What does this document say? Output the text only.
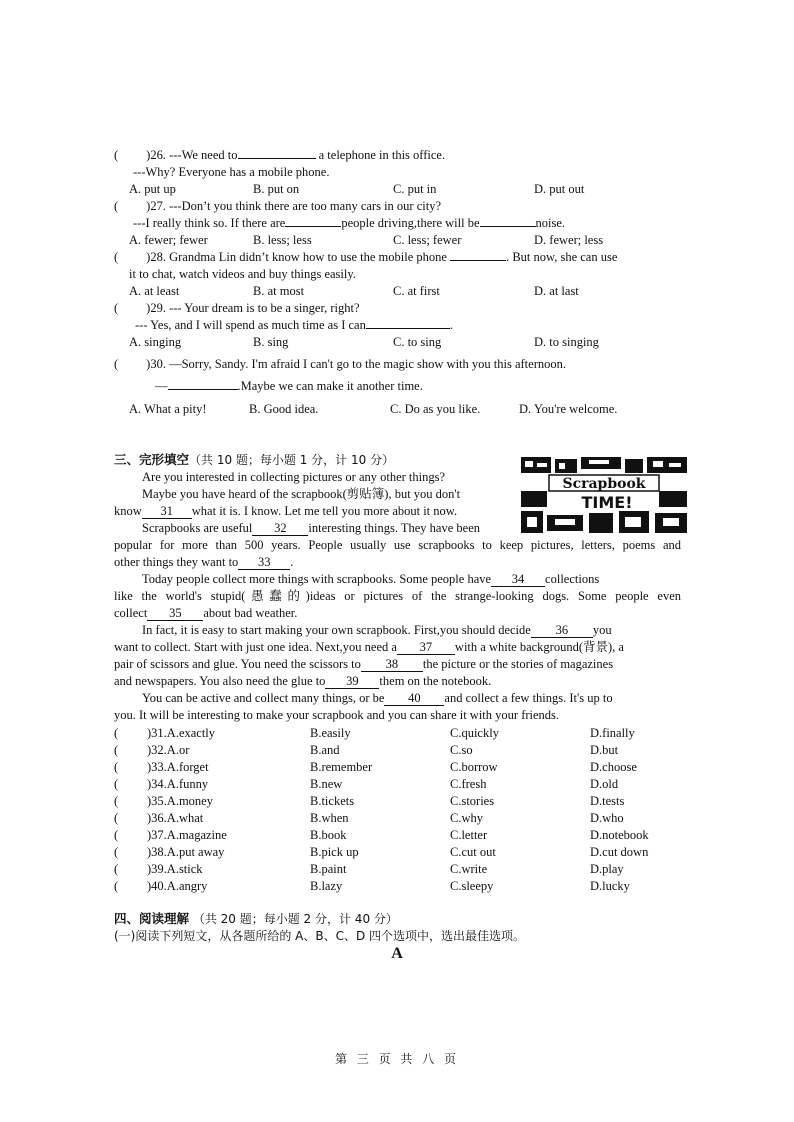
( )26. ---We need to	a telephone in this office.
---Why? Everyone has a mobile phone.
A. put up	B. put on	C. put in	D. put out
( )27. ---Don’t you think there are too many cars in our city?
---I really think so. If there are	people driving,there will be	noise.
A. fewer; fewer	B. less; less	C. less; fewer	D. fewer; less
( )28. Grandma Lin didn’t know how to use the mobile phone	. But now, she can use
it to chat, watch videos and buy things easily.
A. at least	B. at most	C. at first	D. at last
( )29. --- Your dream is to be a singer, right?
--- Yes, and I will spend as much time as I can	.
A. singing	B. sing	C. to sing	D. to singing
( )30. —Sorry, Sandy. I'm afraid I can't go to the magic show with you this afternoon.
—	.Maybe we can make it another time.
A. What a pity!	B. Good idea.	C. Do as you like.	D. You're welcome.
三、完形填空（共 10 题；每小题 1 分，计 10 分）
Scrapbook
TIME!
Are you interested in collecting pictures or any other things?
Maybe you have heard of the scrapbook(剪贴簿), but you don't
know 31 what it is. I know. Let me tell you more about it now.
Scrapbooks are useful 32 interesting things. They have been
popular for more than 500 years. People usually use scrapbooks to keep pictures, letters, poems and
other things they want to 33 .
Today people collect more things with scrapbooks. Some people have 34 collections
like the world's stupid(愚蠢的)ideas or pictures of the strange-looking dogs. Some people even
collect 35 about bad weather.
In fact, it is easy to start making your own scrapbook. First,you should decide 36 you
want to collect. Start with just one idea. Next,you need a 37 with a white background(背景), a
pair of scissors and glue. You need the scissors to 38 the picture or the stories of magazines
and newspapers. You also need the glue to 39 them on the notebook.
You can be active and collect many things, or be 40 and collect a few things. It's up to
you. It will be interesting to make your scrapbook and you can share it with your friends.
( )31.A.exactly	B.easily	C.quickly	D.finally
( )32.A.or	B.and	C.so	D.but
( )33.A.forget	B.remember	C.borrow	D.choose
( )34.A.funny	B.new	C.fresh	D.old
( )35.A.money	B.tickets	C.stories	D.tests
( )36.A.what	B.when	C.why	D.who
( )37.A.magazine	B.book	C.letter	D.notebook
( )38.A.put away	B.pick up	C.cut out	D.cut down
( )39.A.stick	B.paint	C.write	D.play
( )40.A.angry	B.lazy	C.sleepy	D.lucky
四、阅读理解 （共 20 题；每小题 2 分，计 40 分）
(一)阅读下列短文，从各题所给的 A、B、C、D 四个选项中，选出最佳选项。
A
第 三 页 共 八 页
